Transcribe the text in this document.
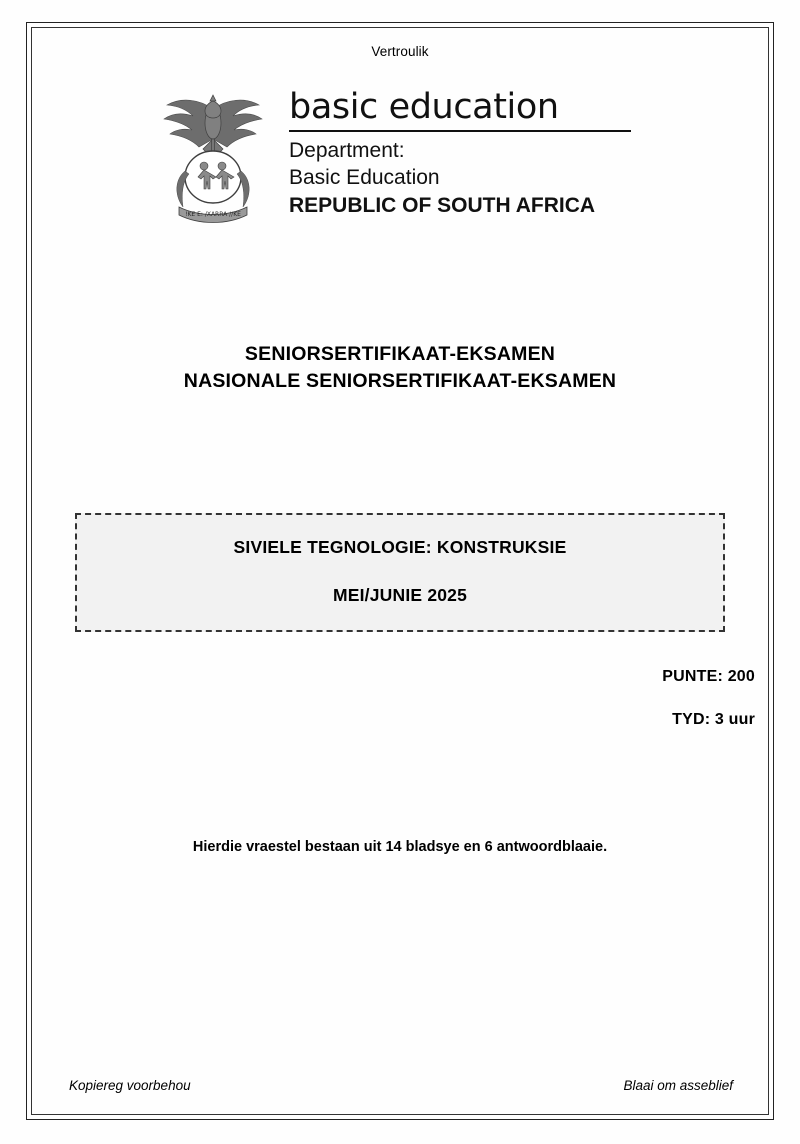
Vertroulik
!KE E: /XARRA //KE
basic education
Department:
Basic Education
REPUBLIC OF SOUTH AFRICA
SENIORSERTIFIKAAT-EKSAMEN
NASIONALE SENIORSERTIFIKAAT-EKSAMEN
SIVIELE TEGNOLOGIE: KONSTRUKSIE
MEI/JUNIE 2025
PUNTE: 200
TYD: 3 uur
Hierdie vraestel bestaan uit 14 bladsye en 6 antwoordblaaie.
Kopiereg voorbehou	Blaai om asseblief
